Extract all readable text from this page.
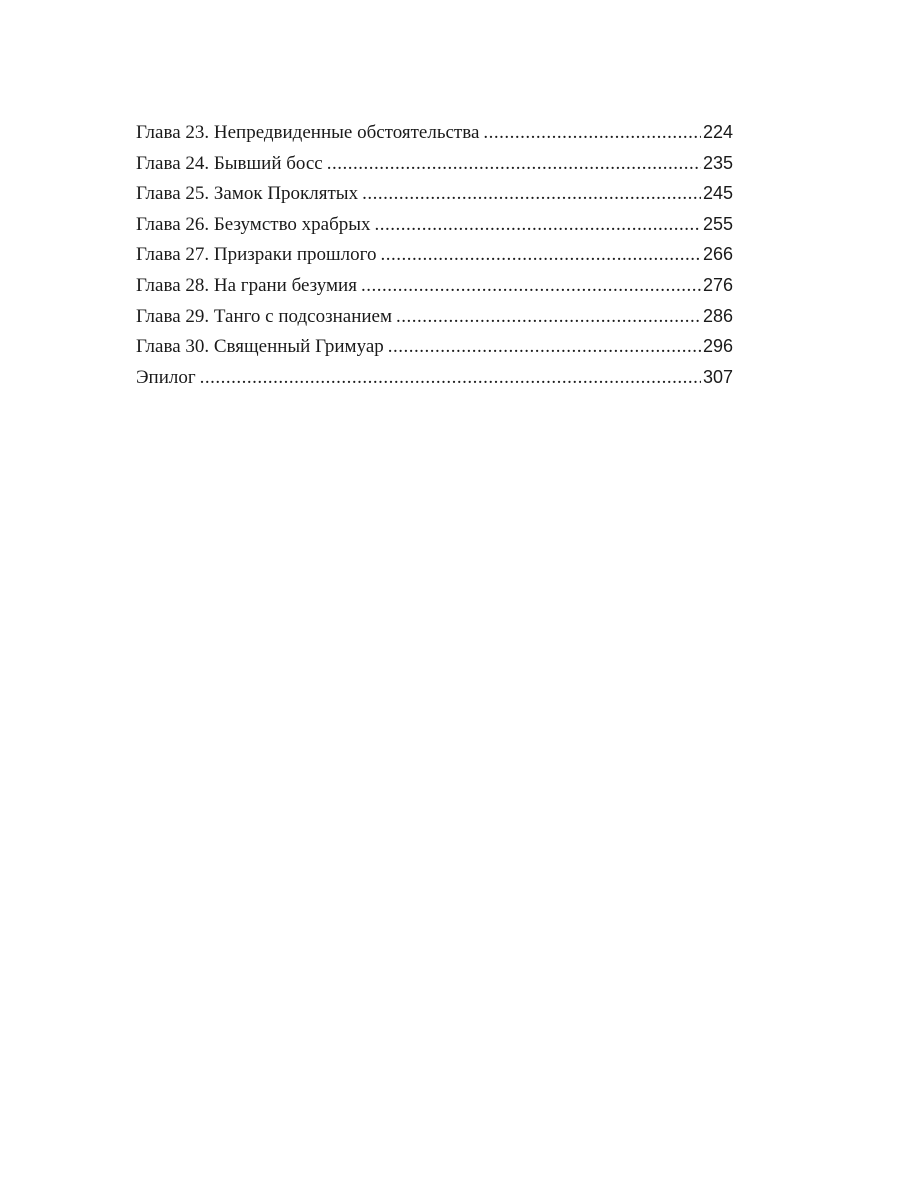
Глава 23. Непредвиденные обстоятельства .....	224
Глава 24. Бывший босс .....	235
Глава 25. Замок Проклятых .....	245
Глава 26. Безумство храбрых .....	255
Глава 27. Призраки прошлого .....	266
Глава 28. На грани безумия .....	276
Глава 29. Танго с подсознанием .....	286
Глава 30. Священный Гримуар .....	296
Эпилог .....	307
